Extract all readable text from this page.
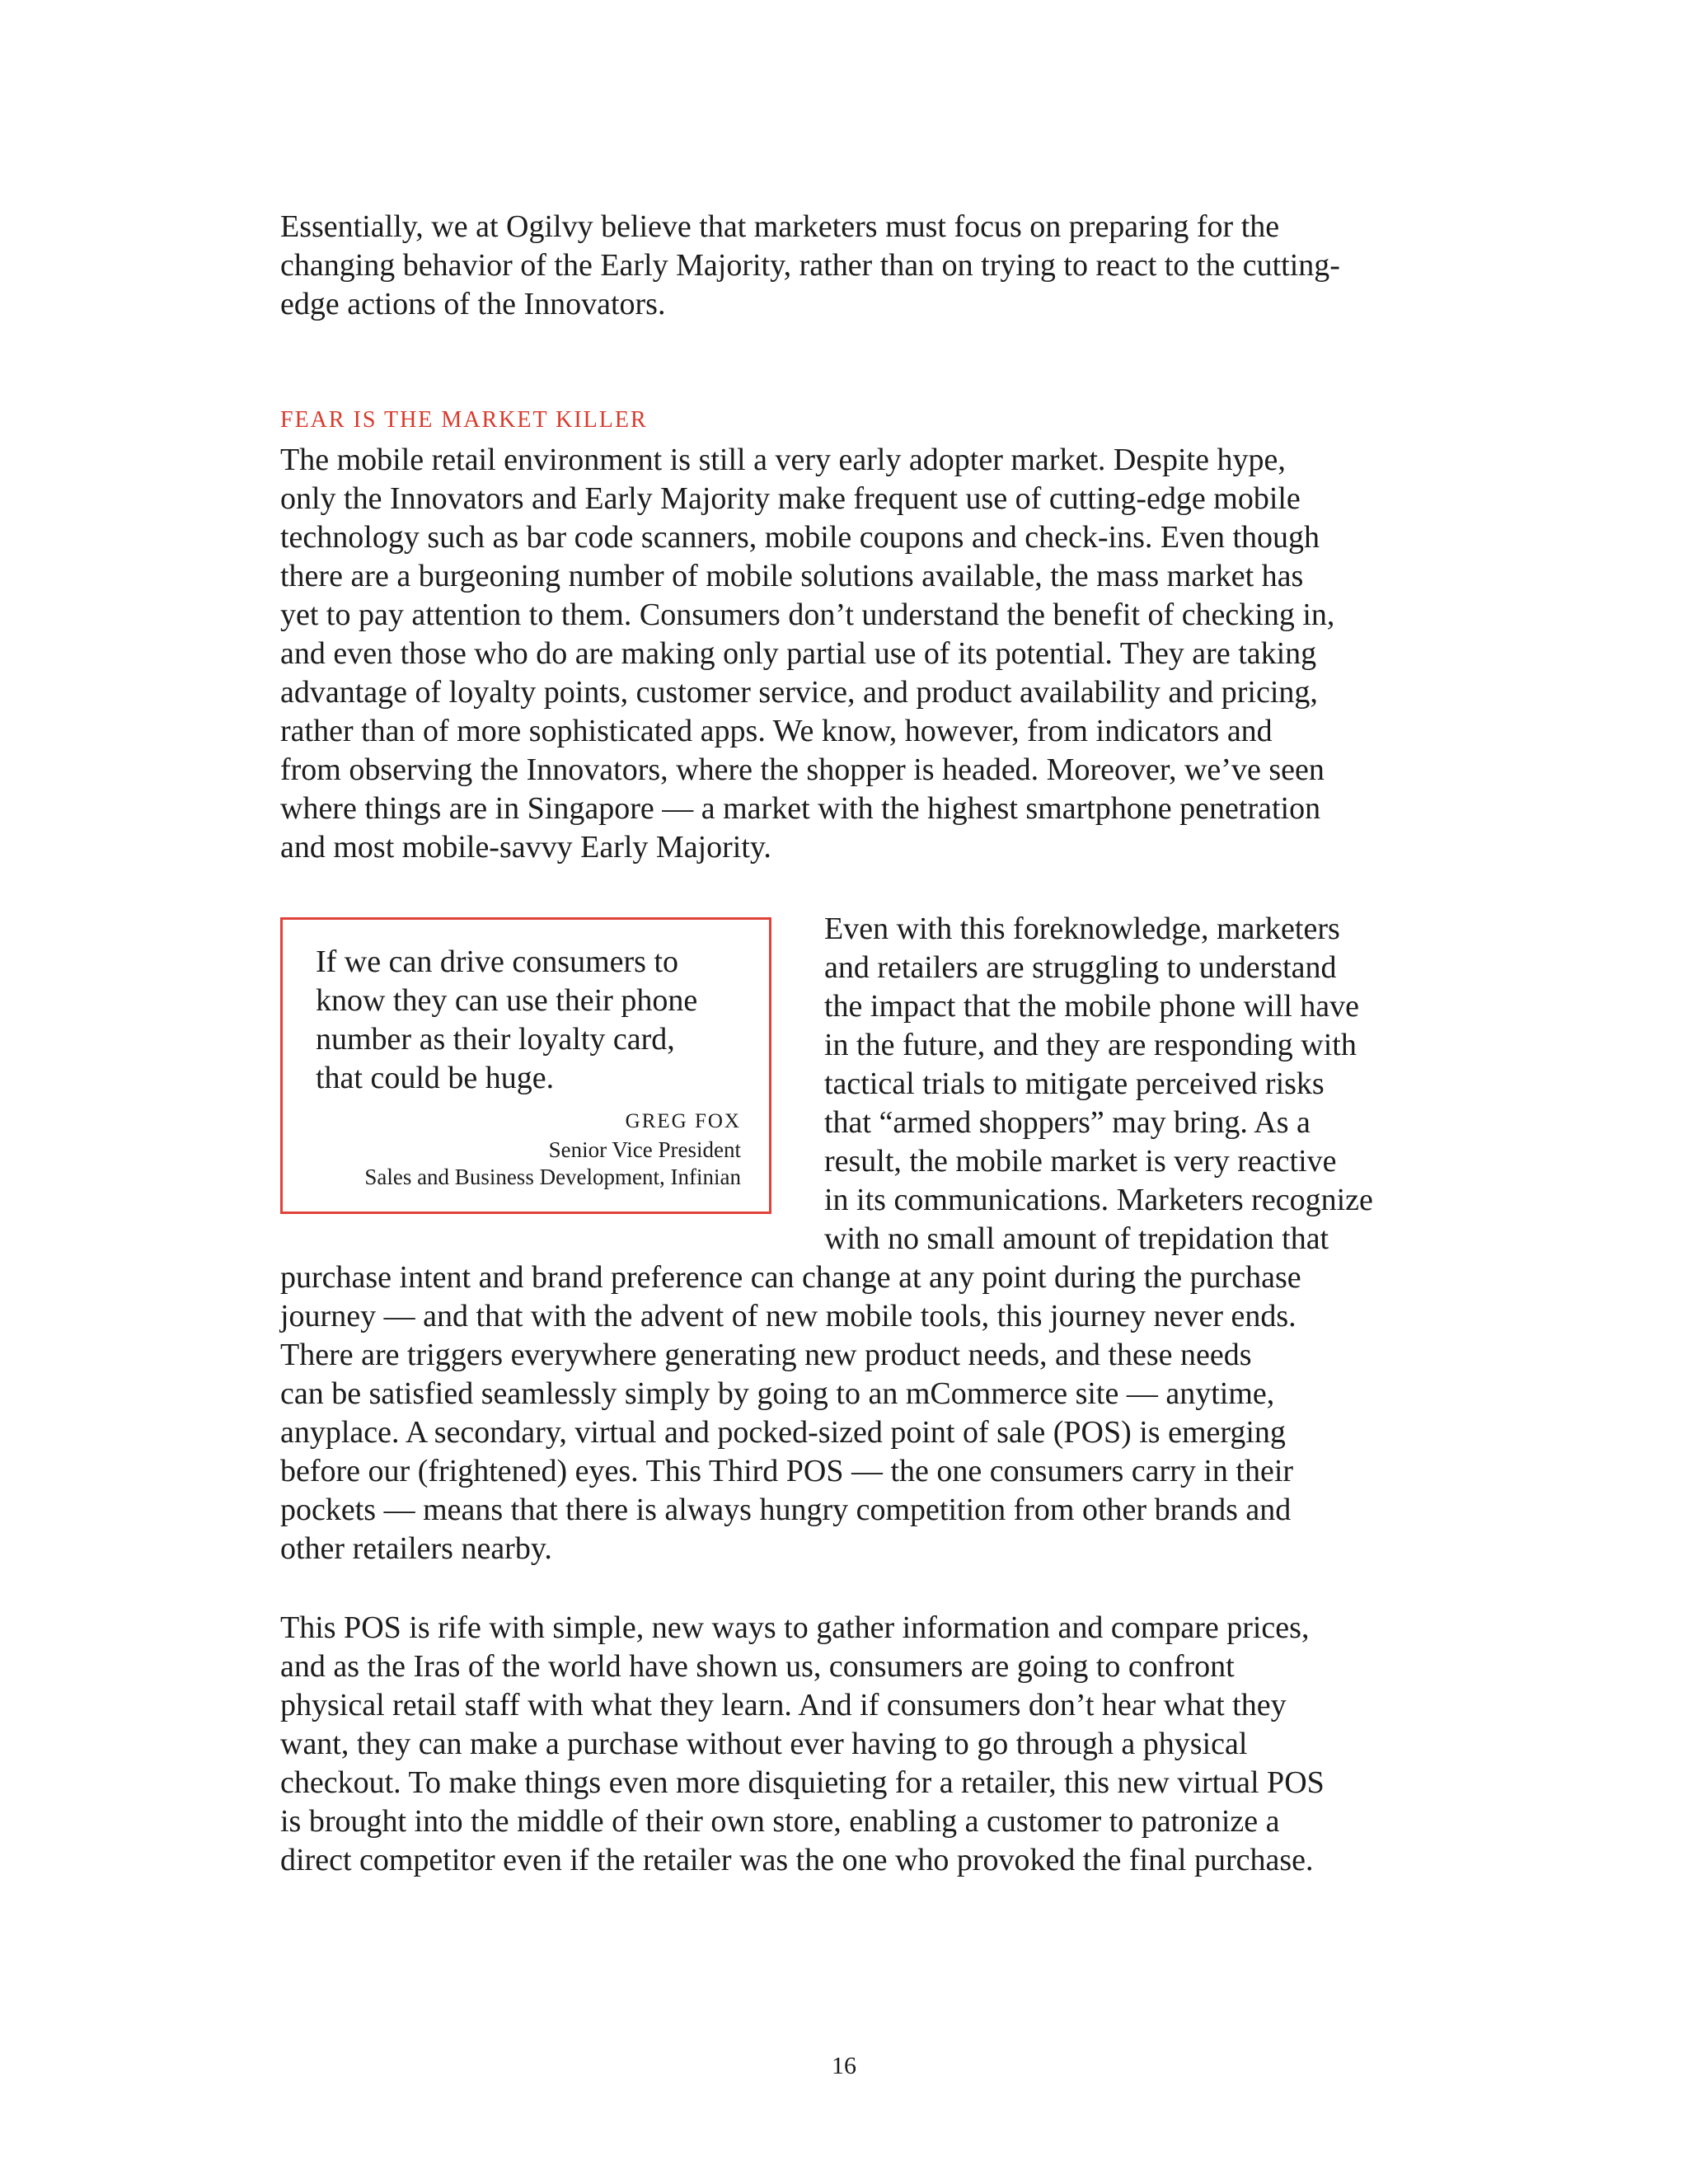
Essentially, we at Ogilvy believe that marketers must focus on preparing for the
changing behavior of the Early Majority, rather than on trying to react to the cutting-
edge actions of the Innovators.
FEAR IS THE MARKET KILLER
The mobile retail environment is still a very early adopter market. Despite hype,
only the Innovators and Early Majority make frequent use of cutting-edge mobile
technology such as bar code scanners, mobile coupons and check-ins. Even though
there are a burgeoning number of mobile solutions available, the mass market has
yet to pay attention to them. Consumers don’t understand the benefit of checking in,
and even those who do are making only partial use of its potential. They are taking
advantage of loyalty points, customer service, and product availability and pricing,
rather than of more sophisticated apps. We know, however, from indicators and
from observing the Innovators, where the shopper is headed. Moreover, we’ve seen
where things are in Singapore — a market with the highest smartphone penetration
and most mobile-savvy Early Majority.
If we can drive consumers to
know they can use their phone
number as their loyalty card,
that could be huge.
GREG FOX
Senior Vice President
Sales and Business Development, Infinian
Even with this foreknowledge, marketers
and retailers are struggling to understand
the impact that the mobile phone will have
in the future, and they are responding with
tactical trials to mitigate perceived risks
that “armed shoppers” may bring. As a
result, the mobile market is very reactive
in its communications. Marketers recognize
with no small amount of trepidation that
purchase intent and brand preference can change at any point during the purchase
journey — and that with the advent of new mobile tools, this journey never ends.
There are triggers everywhere generating new product needs, and these needs
can be satisfied seamlessly simply by going to an mCommerce site — anytime,
anyplace. A secondary, virtual and pocked-sized point of sale (POS) is emerging
before our (frightened) eyes. This Third POS — the one consumers carry in their
pockets — means that there is always hungry competition from other brands and
other retailers nearby.
This POS is rife with simple, new ways to gather information and compare prices,
and as the Iras of the world have shown us, consumers are going to confront
physical retail staff with what they learn. And if consumers don’t hear what they
want, they can make a purchase without ever having to go through a physical
checkout. To make things even more disquieting for a retailer, this new virtual POS
is brought into the middle of their own store, enabling a customer to patronize a
direct competitor even if the retailer was the one who provoked the final purchase.
16
